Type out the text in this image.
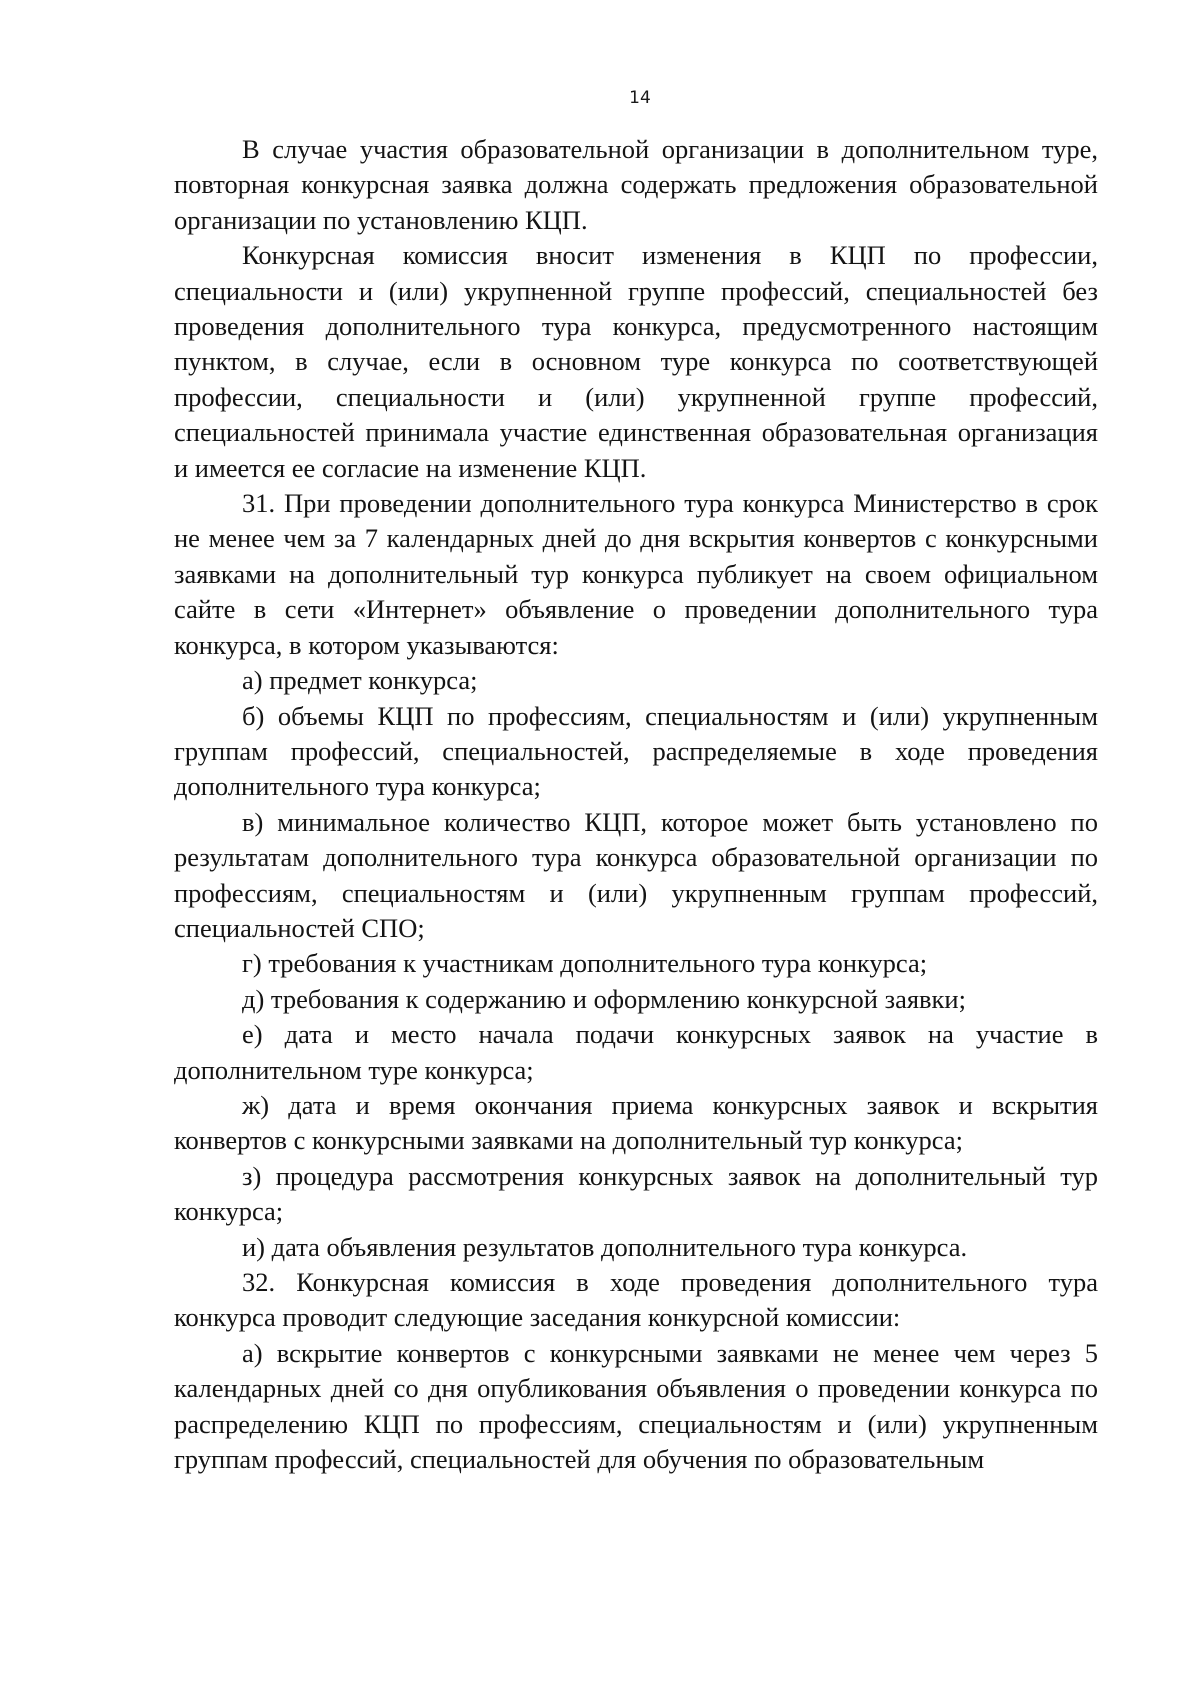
14

В случае участия образовательной организации в дополнительном туре, повторная конкурсная заявка должна содержать предложения образовательной организации по установлению КЦП.

Конкурсная комиссия вносит изменения в КЦП по профессии, специальности и (или) укрупненной группе профессий, специальностей без проведения дополнительного тура конкурса, предусмотренного настоящим пунктом, в случае, если в основном туре конкурса по соответствующей профессии, специальности и (или) укрупненной группе профессий, специальностей принимала участие единственная образовательная организация и имеется ее согласие на изменение КЦП.

31. При проведении дополнительного тура конкурса Министерство в срок не менее чем за 7 календарных дней до дня вскрытия конвертов с конкурсными заявками на дополнительный тур конкурса публикует на своем официальном сайте в сети «Интернет» объявление о проведении дополнительного тура конкурса, в котором указываются:

а) предмет конкурса;

б) объемы КЦП по профессиям, специальностям и (или) укрупненным группам профессий, специальностей, распределяемые в ходе проведения дополнительного тура конкурса;

в) минимальное количество КЦП, которое может быть установлено по результатам дополнительного тура конкурса образовательной организации по профессиям, специальностям и (или) укрупненным группам профессий, специальностей СПО;

г) требования к участникам дополнительного тура конкурса;

д) требования к содержанию и оформлению конкурсной заявки;

е) дата и место начала подачи конкурсных заявок на участие в дополнительном туре конкурса;

ж) дата и время окончания приема конкурсных заявок и вскрытия конвертов с конкурсными заявками на дополнительный тур конкурса;

з) процедура рассмотрения конкурсных заявок на дополнительный тур конкурса;

и) дата объявления результатов дополнительного тура конкурса.

32. Конкурсная комиссия в ходе проведения дополнительного тура конкурса проводит следующие заседания конкурсной комиссии:

а) вскрытие конвертов с конкурсными заявками не менее чем через 5 календарных дней со дня опубликования объявления о проведении конкурса по распределению КЦП по профессиям, специальностям и (или) укрупненным группам профессий, специальностей для обучения по образовательным
